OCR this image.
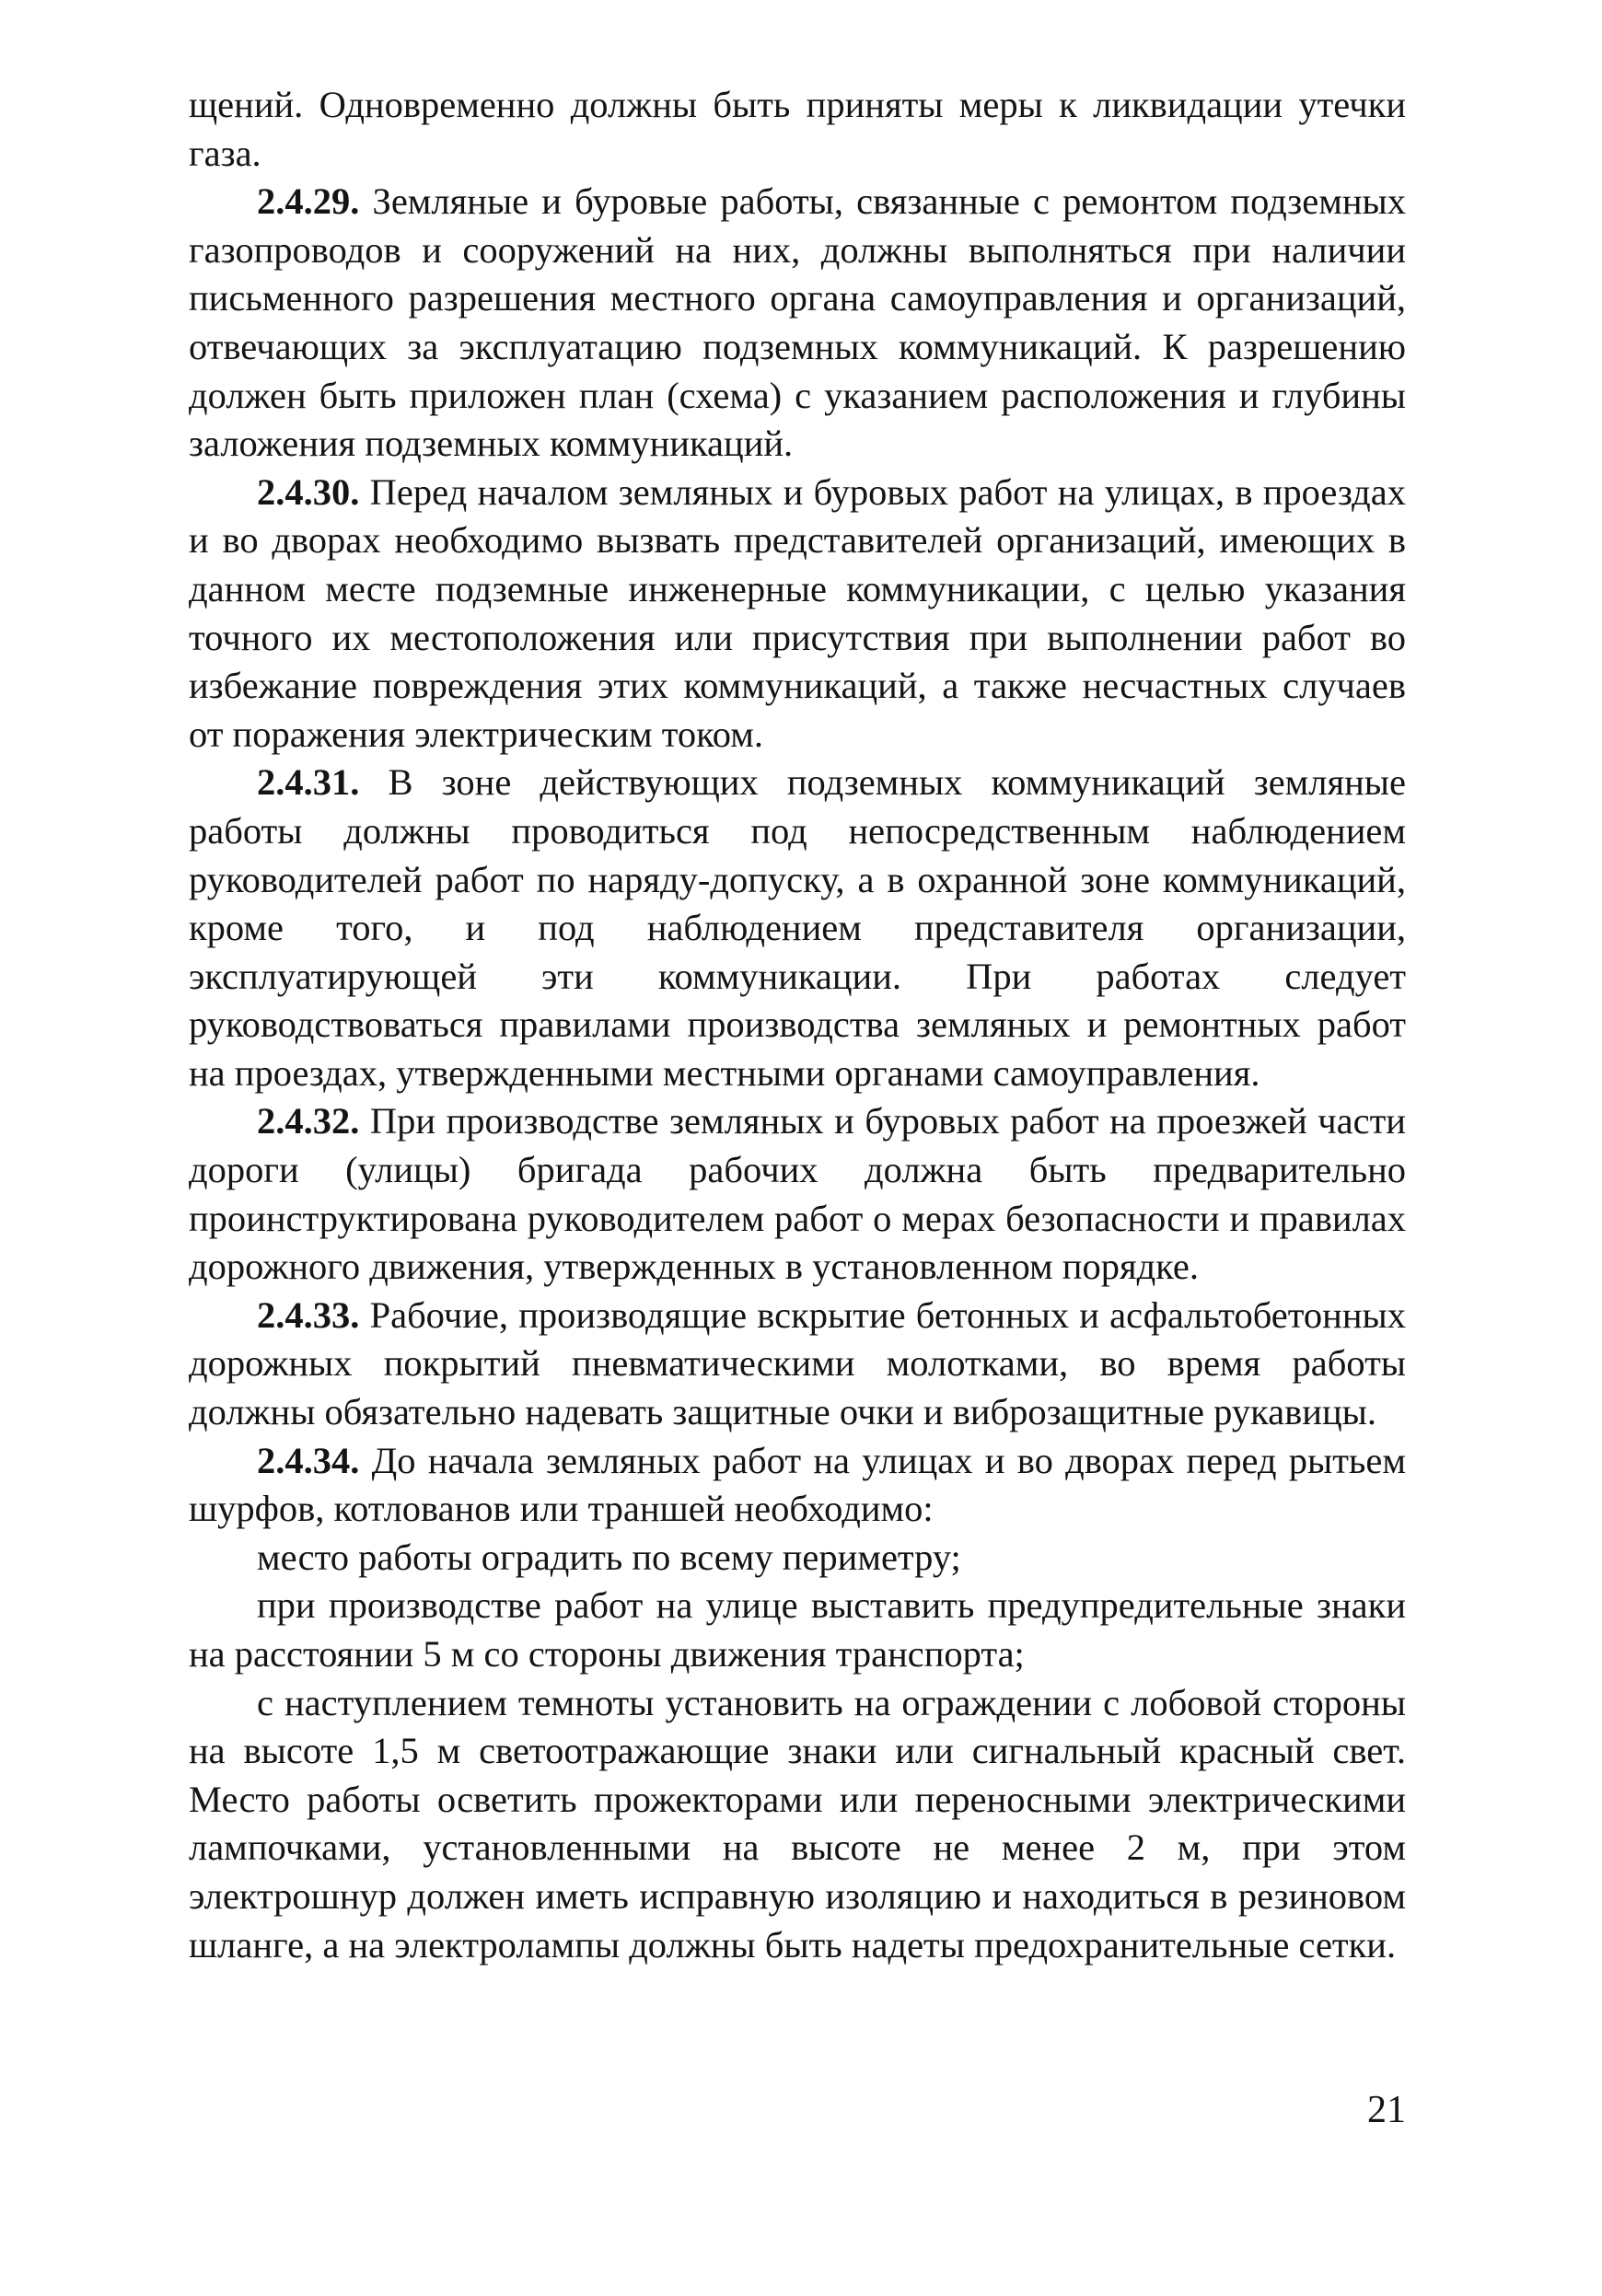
щений. Одновременно должны быть приняты меры к ликвидации утечки газа.

2.4.29. Земляные и буровые работы, связанные с ремонтом подземных газопроводов и сооружений на них, должны выполняться при наличии письменного разрешения местного органа самоуправления и организаций, отвечающих за эксплуатацию подземных коммуникаций. К разрешению должен быть приложен план (схема) с указанием расположения и глубины заложения подземных коммуникаций.

2.4.30. Перед началом земляных и буровых работ на улицах, в проездах и во дворах необходимо вызвать представителей организаций, имеющих в данном месте подземные инженерные коммуникации, с целью указания точного их местоположения или присутствия при выполнении работ во избежание повреждения этих коммуникаций, а также несчастных случаев от поражения электрическим током.

2.4.31. В зоне действующих подземных коммуникаций земляные работы должны проводиться под непосредственным наблюдением руководителей работ по наряду-допуску, а в охранной зоне коммуникаций, кроме того, и под наблюдением представителя организации, эксплуатирующей эти коммуникации. При работах следует руководствоваться правилами производства земляных и ремонтных работ на проездах, утвержденными местными органами самоуправления.

2.4.32. При производстве земляных и буровых работ на проезжей части дороги (улицы) бригада рабочих должна быть предварительно проинструктирована руководителем работ о мерах безопасности и правилах дорожного движения, утвержденных в установленном порядке.

2.4.33. Рабочие, производящие вскрытие бетонных и асфальтобетонных дорожных покрытий пневматическими молотками, во время работы должны обязательно надевать защитные очки и виброзащитные рукавицы.

2.4.34. До начала земляных работ на улицах и во дворах перед рытьем шурфов, котлованов или траншей необходимо:

место работы оградить по всему периметру;

при производстве работ на улице выставить предупредительные знаки на расстоянии 5 м со стороны движения транспорта;

с наступлением темноты установить на ограждении с лобовой стороны на высоте 1,5 м светоотражающие знаки или сигнальный красный свет. Место работы осветить прожекторами или переносными электрическими лампочками, установленными на высоте не менее 2 м, при этом электрошнур должен иметь исправную изоляцию и находиться в резиновом шланге, а на электролампы должны быть надеты предохранительные сетки.

21
